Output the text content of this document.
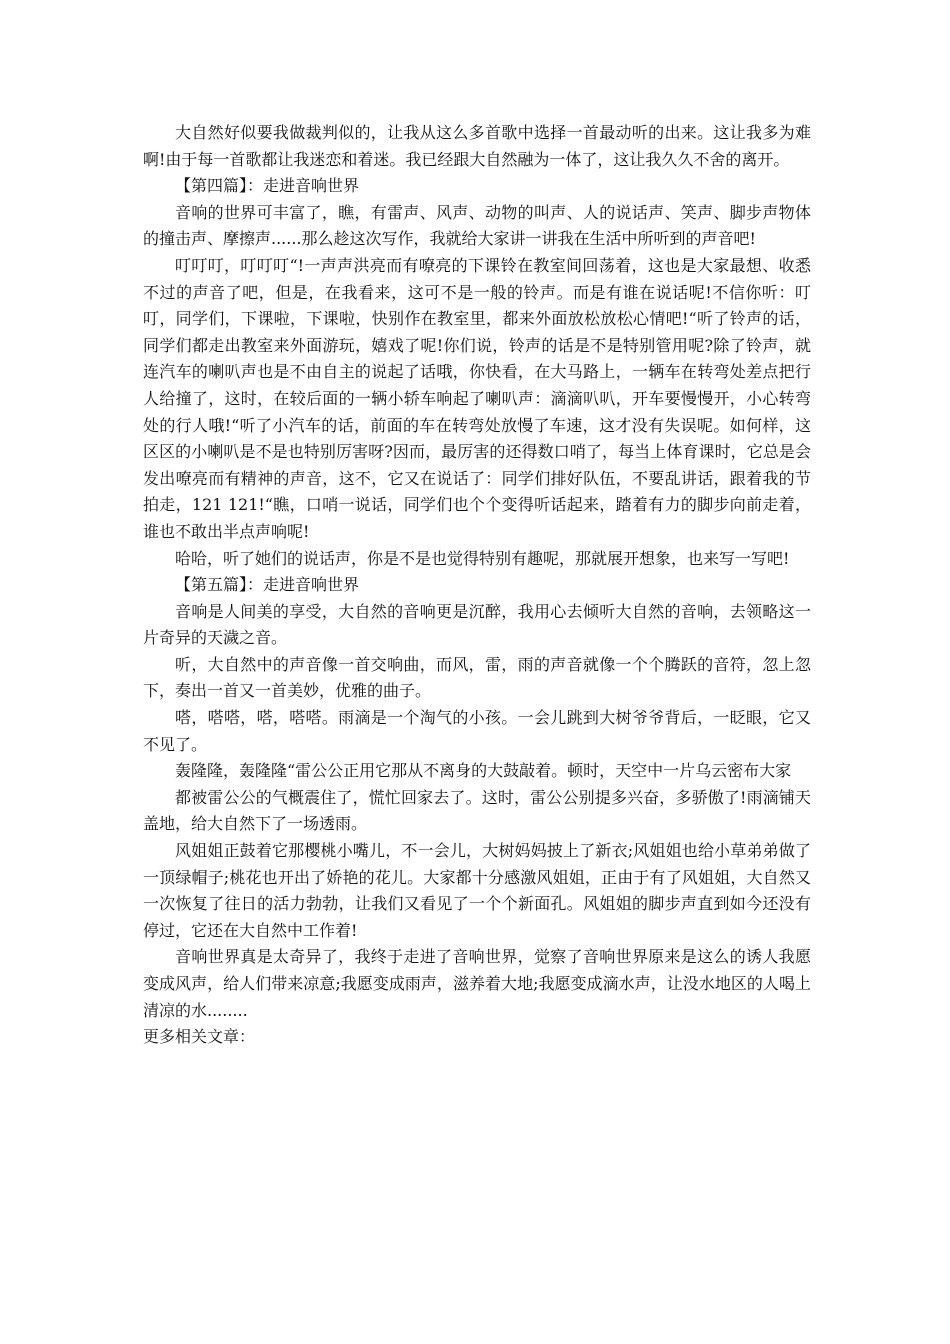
大自然好似要我做裁判似的，让我从这么多首歌中选择一首最动听的出来。这让我多为难啊!由于每一首歌都让我迷恋和着迷。我已经跟大自然融为一体了，这让我久久不舍的离开。

【第四篇】：走进音响世界

音响的世界可丰富了，瞧，有雷声、风声、动物的叫声、人的说话声、笑声、脚步声物体的撞击声、摩擦声......那么趁这次写作，我就给大家讲一讲我在生活中所听到的声音吧!

叮叮叮，叮叮叮“!一声声洪亮而有嘹亮的下课铃在教室间回荡着，这也是大家最想、收悉不过的声音了吧，但是，在我看来，这可不是一般的铃声。而是有谁在说话呢!不信你听：叮叮，同学们，下课啦，下课啦，快别作在教室里，都来外面放松放松心情吧!“听了铃声的话，同学们都走出教室来外面游玩，嬉戏了呢!你们说，铃声的话是不是特别管用呢?除了铃声，就连汽车的喇叭声也是不由自主的说起了话哦，你快看，在大马路上，一辆车在转弯处差点把行人给撞了，这时，在较后面的一辆小轿车响起了喇叭声：滴滴叭叭，开车要慢慢开，小心转弯处的行人哦!“听了小汽车的话，前面的车在转弯处放慢了车速，这才没有失误呢。如何样，这区区的小喇叭是不是也特别厉害呀?因而，最厉害的还得数口哨了，每当上体育课时，它总是会发出嘹亮而有精神的声音，这不，它又在说话了：同学们排好队伍，不要乱讲话，跟着我的节拍走，121 121!“瞧，口哨一说话，同学们也个个变得听话起来，踏着有力的脚步向前走着，谁也不敢出半点声响呢!

哈哈，听了她们的说话声，你是不是也觉得特别有趣呢，那就展开想象，也来写一写吧!

【第五篇】：走进音响世界

音响是人间美的享受，大自然的音响更是沉醉，我用心去倾听大自然的音响，去领略这一片奇异的天濊之音。

听，大自然中的声音像一首交响曲，而风，雷，雨的声音就像一个个腾跃的音符，忽上忽下，奏出一首又一首美妙，优雅的曲子。

嗒，嗒嗒，嗒，嗒嗒。雨滴是一个淘气的小孩。一会儿跳到大树爷爷背后，一眨眼，它又不见了。

轰隆隆，轰隆隆“雷公公正用它那从不离身的大鼓敲着。顿时，天空中一片乌云密布大家

都被雷公公的气概震住了，慌忙回家去了。这时，雷公公别提多兴奋，多骄傲了!雨滴铺天盖地，给大自然下了一场透雨。

风姐姐正鼓着它那樱桃小嘴儿，不一会儿，大树妈妈披上了新衣;风姐姐也给小草弟弟做了一顶绿帽子;桃花也开出了娇艳的花儿。大家都十分感激风姐姐，正由于有了风姐姐，大自然又一次恢复了往日的活力勃勃，让我们又看见了一个个新面孔。风姐姐的脚步声直到如今还没有停过，它还在大自然中工作着!

音响世界真是太奇异了，我终于走进了音响世界，觉察了音响世界原来是这么的诱人我愿变成风声，给人们带来凉意;我愿变成雨声，滋养着大地;我愿变成滴水声，让没水地区的人喝上清凉的水........

更多相关文章：
